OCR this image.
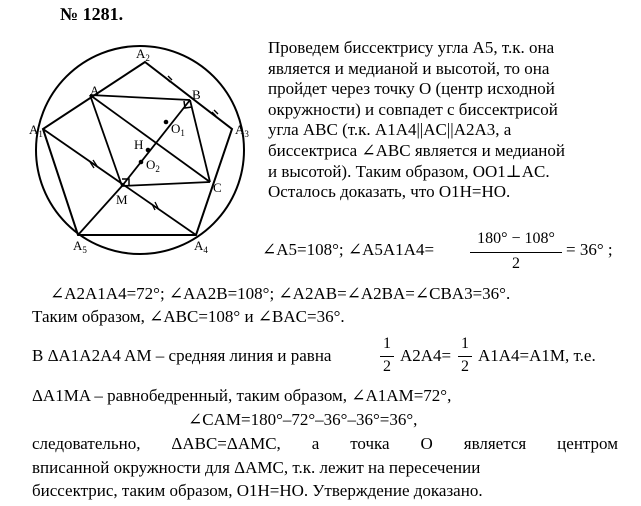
№ 1281.
$A_2$
A	B
$A_1$	$A_3$
$O_1$
H
$O_2$
C
M
$A_5$	$A_4$
Проведем биссектрису угла A5, т.к. она
является и медианой и высотой, то она
пройдет через точку O (центр исходной
окружности) и совпадет с биссектрисой
угла ABC (т.к. A1A4||AC||A2A3, а
биссектриса ∠ABC является и медианой
и высотой). Таким образом, OO1⊥AC.
Осталось доказать, что O1H=HO.
∠A5=108°; ∠A5A1A4=
180° − 108°
2
= 36° ;
∠A2A1A4=72°; ∠AA2B=108°; ∠A2AB=∠A2BA=∠CBA3=36°.
Таким образом, ∠ABC=108° и ∠BAC=36°.
В ΔA1A2A4 AM – средняя линия и равна
1
2
A2A4=
1
2
A1A4=A1M, т.е.
ΔA1MA – равнобедренный, таким образом, ∠A1AM=72°,
∠CAM=180°–72°–36°–36°=36°,
следовательно, ΔABC=ΔAMC, а точка O является центром
вписанной окружности для ΔAMC, т.к. лежит на пересечении
биссектрис, таким образом, O1H=HO. Утверждение доказано.
